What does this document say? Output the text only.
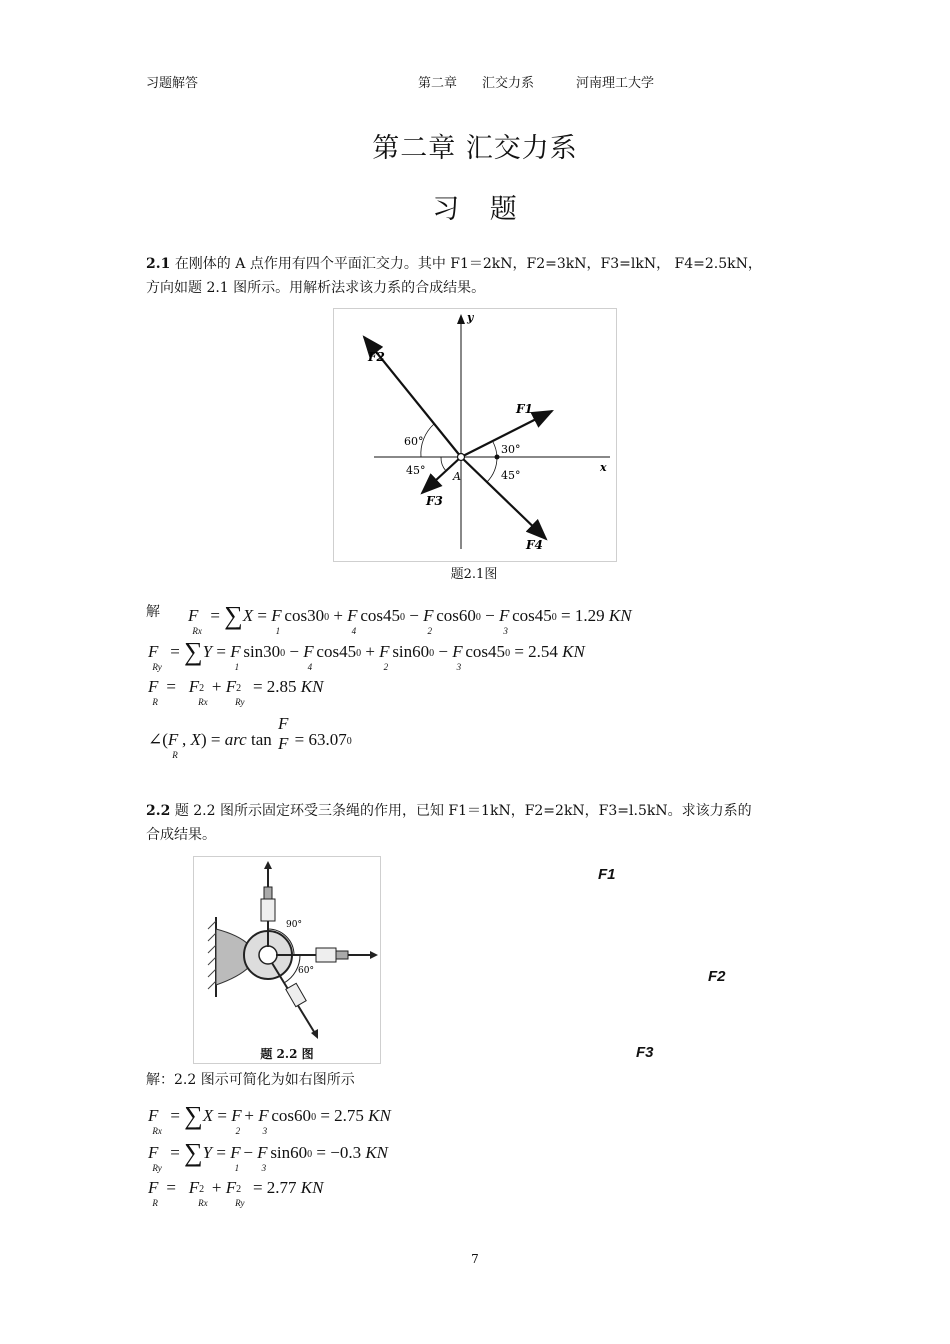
习题解答	第二章 汇交力系	河南理工大学
第二章 汇交力系
习 题
2.1 在刚体的 A 点作用有四个平面汇交力。其中 F1＝2kN，F2=3kN，F3=lkN， F4=2.5kN，
方向如题 2.1 图所示。用解析法求该力系的合成结果。
y
x
F2
F1
F3
F4
60°
30°
45°	45°
A
题2.1图
解 $F_{Rx} = \sum X = F_1$ $\cos 300 + F_4$ $\cos 450 - F_2$ $\cos 600 - F_3$ cos450 = 1.29 KN
$F_{Ry} = \sum Y = F_1$ $\sin 300 - F_4$ $\cos 450 + F_2$ $\sin 600 - F_3$ cos450 = 2.54 KN
$F_R = F2_{Rx} + F2_{Ry} = 2.85$ KN
$\angle(F_R$ , X) = arc tan F
F = 63.070
2.2 题 2.2 图所示固定环受三条绳的作用，已知 F1＝1kN，F2=2kN，F3=l.5kN。求该力系的
合成结果。
90°
60°
题 2.2 图
F1
F2
F3
解：2.2 图示可简化为如右图所示
$F_{Rx} = \sum X = F_2 + F_3$ cos600 = 2.75 KN
$F_{Ry} = \sum Y = F_1 - F_3$ sin600 = −0.3 KN
$F_R = F2_{Rx} + F2_{Ry} = 2.77$ KN
7
